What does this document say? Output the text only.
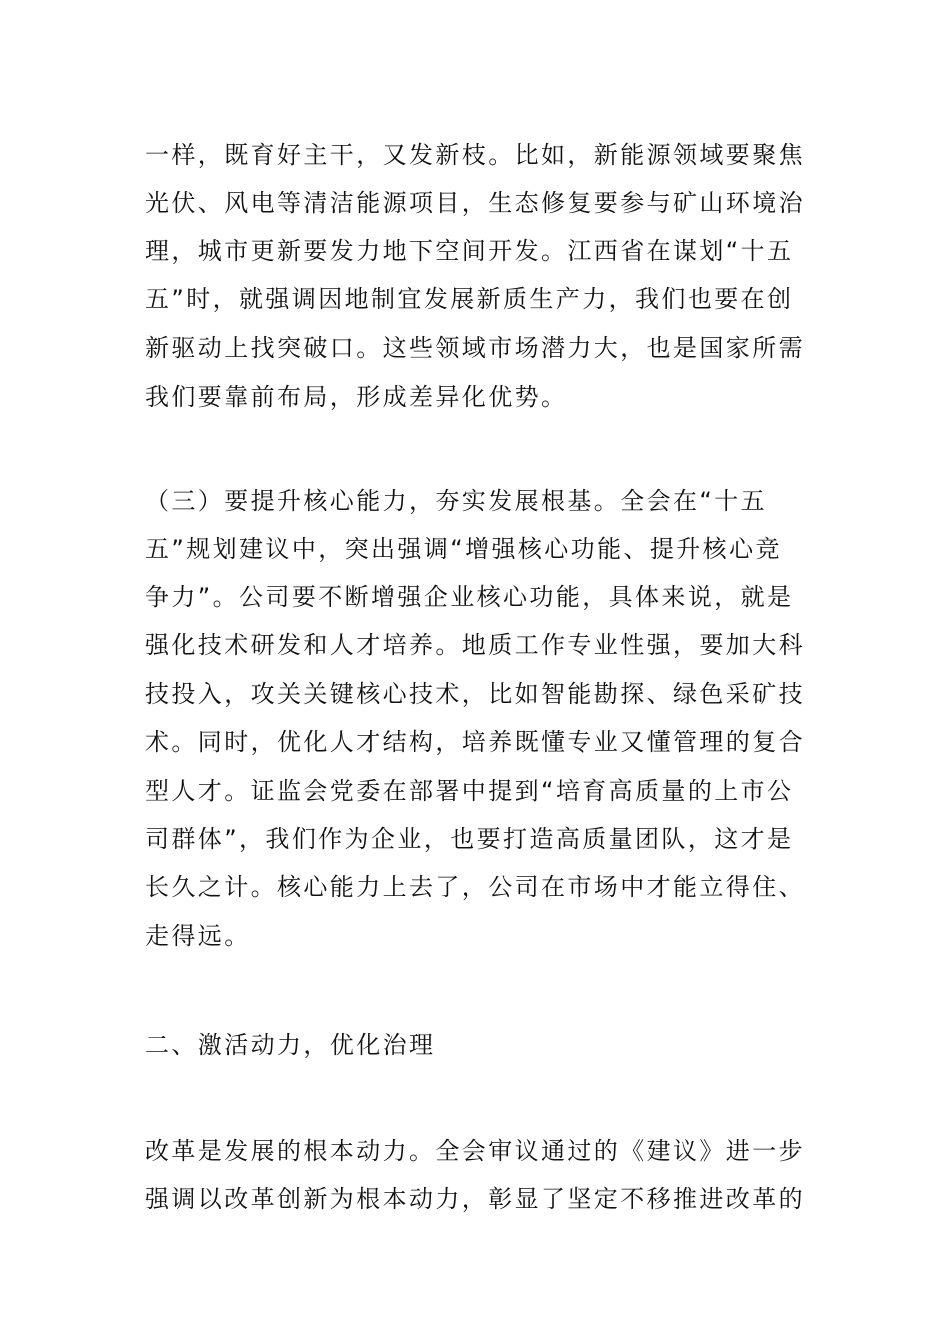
一样，既育好主干，又发新枝。比如，新能源领域要聚焦
光伏、风电等清洁能源项目，生态修复要参与矿山环境治
理，城市更新要发力地下空间开发。江西省在谋划“十五
五”时，就强调因地制宜发展新质生产力，我们也要在创
新驱动上找突破口。这些领域市场潜力大，也是国家所需
我们要靠前布局，形成差异化优势。
（三）要提升核心能力，夯实发展根基。全会在“十五
五”规划建议中，突出强调“增强核心功能、提升核心竞
争力”。公司要不断增强企业核心功能，具体来说，就是
强化技术研发和人才培养。地质工作专业性强，要加大科
技投入，攻关关键核心技术，比如智能勘探、绿色采矿技
术。同时，优化人才结构，培养既懂专业又懂管理的复合
型人才。证监会党委在部署中提到“培育高质量的上市公
司群体”，我们作为企业，也要打造高质量团队，这才是
长久之计。核心能力上去了，公司在市场中才能立得住、
走得远。
二、激活动力，优化治理
改革是发展的根本动力。全会审议通过的《建议》进一步
强调以改革创新为根本动力，彰显了坚定不移推进改革的
